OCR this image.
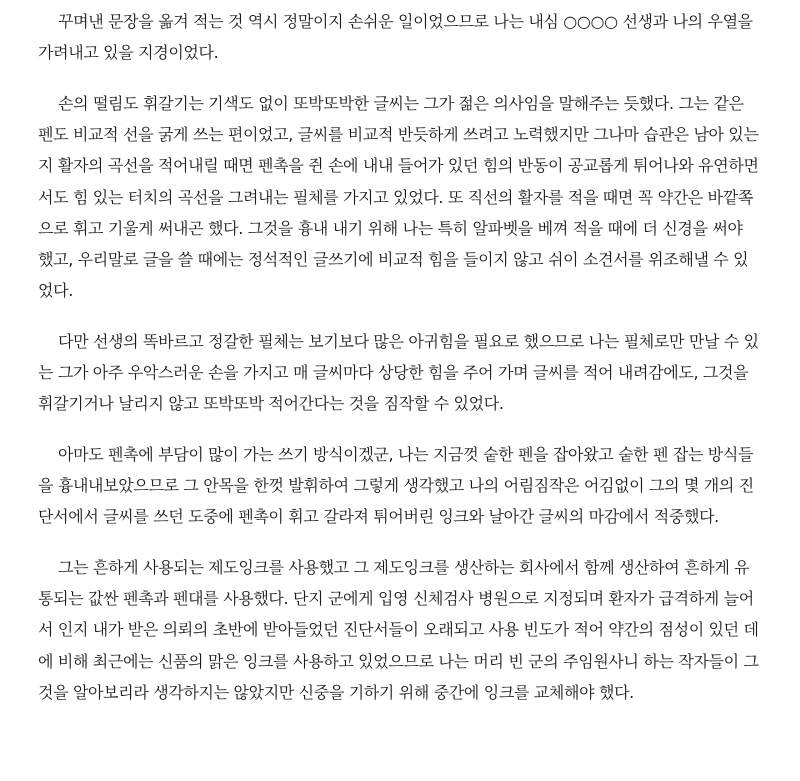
꾸며낸 문장을 옮겨 적는 것 역시 정말이지 손쉬운 일이었으므로 나는 내심 ○○○○ 선생과 나의 우열을 가려내고 있을 지경이었다.

손의 떨림도 휘갈기는 기색도 없이 또박또박한 글씨는 그가 젊은 의사임을 말해주는 듯했다. 그는 같은 펜도 비교적 선을 굵게 쓰는 편이었고, 글씨를 비교적 반듯하게 쓰려고 노력했지만 그나마 습관은 남아 있는지 활자의 곡선을 적어내릴 때면 펜촉을 쥔 손에 내내 들어가 있던 힘의 반동이 공교롭게 튀어나와 유연하면서도 힘 있는 터치의 곡선을 그려내는 필체를 가지고 있었다. 또 직선의 활자를 적을 때면 꼭 약간은 바깥쪽으로 휘고 기울게 써내곤 했다. 그것을 흉내 내기 위해 나는 특히 알파벳을 베껴 적을 때에 더 신경을 써야 했고, 우리말로 글을 쓸 때에는 정석적인 글쓰기에 비교적 힘을 들이지 않고 쉬이 소견서를 위조해낼 수 있었다.

다만 선생의 똑바르고 정갈한 필체는 보기보다 많은 아귀힘을 필요로 했으므로 나는 필체로만 만날 수 있는 그가 아주 우악스러운 손을 가지고 매 글씨마다 상당한 힘을 주어 가며 글씨를 적어 내려감에도, 그것을 휘갈기거나 날리지 않고 또박또박 적어간다는 것을 짐작할 수 있었다.

아마도 펜촉에 부담이 많이 가는 쓰기 방식이겠군, 나는 지금껏 숱한 펜을 잡아왔고 숱한 펜 잡는 방식들을 흉내내보았으므로 그 안목을 한껏 발휘하여 그렇게 생각했고 나의 어림짐작은 어김없이 그의 몇 개의 진단서에서 글씨를 쓰던 도중에 펜촉이 휘고 갈라져 튀어버린 잉크와 날아간 글씨의 마감에서 적중했다.

그는 흔하게 사용되는 제도잉크를 사용했고 그 제도잉크를 생산하는 회사에서 함께 생산하여 흔하게 유통되는 값싼 펜촉과 펜대를 사용했다. 단지 군에게 입영 신체검사 병원으로 지정되며 환자가 급격하게 늘어서 인지 내가 받은 의뢰의 초반에 받아들었던 진단서들이 오래되고 사용 빈도가 적어 약간의 점성이 있던 데에 비해 최근에는 신품의 맑은 잉크를 사용하고 있었으므로 나는 머리 빈 군의 주임원사니 하는 작자들이 그것을 알아보리라 생각하지는 않았지만 신중을 기하기 위해 중간에 잉크를 교체해야 했다.
